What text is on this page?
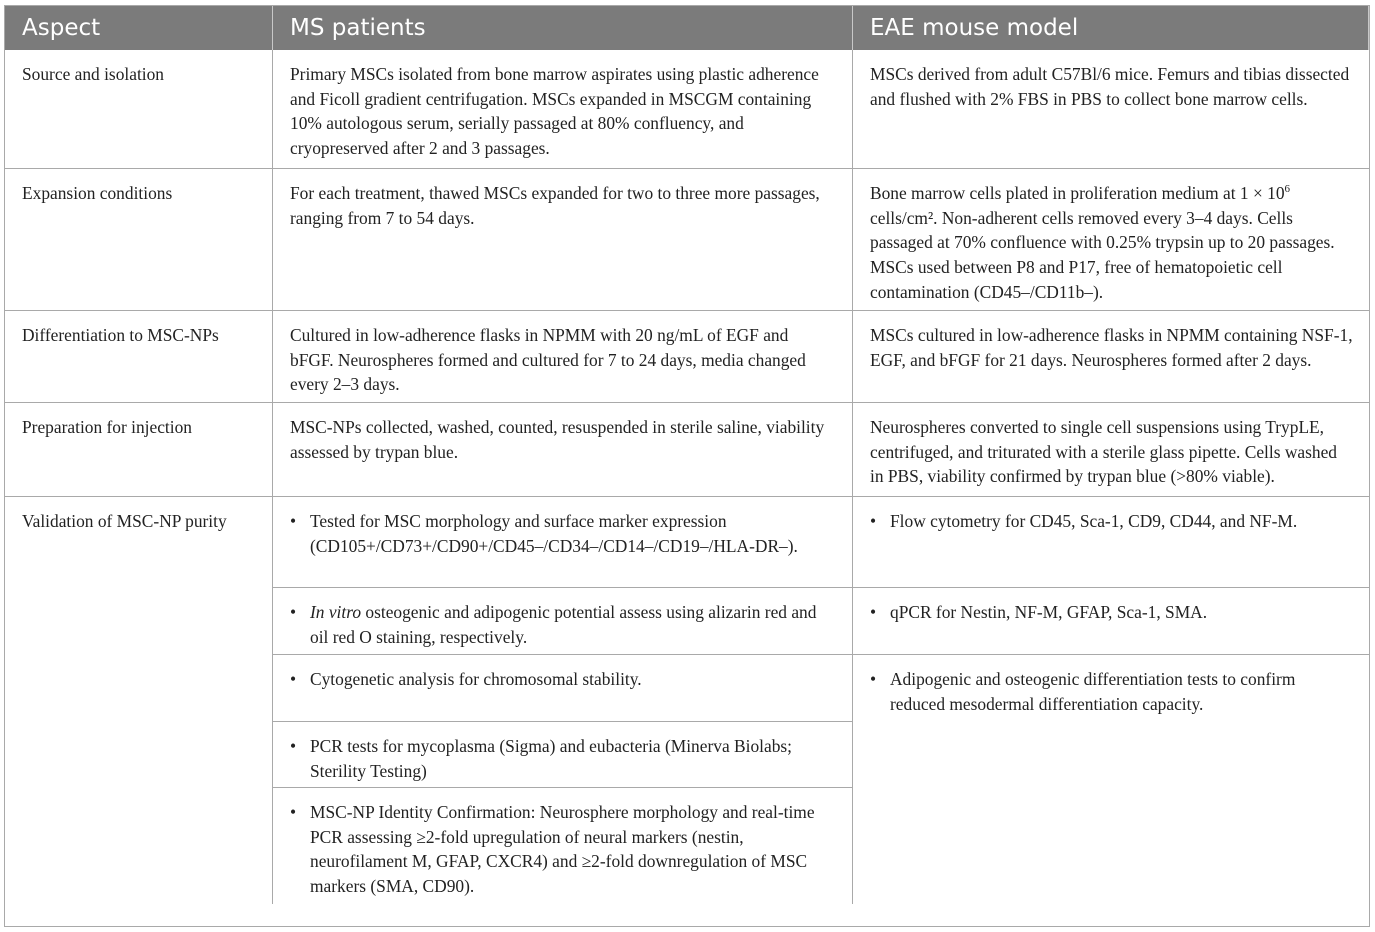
Aspect	MS patients	EAE mouse model
Source and isolation	Primary MSCs isolated from bone marrow aspirates using plastic adherence and Ficoll gradient centrifugation. MSCs expanded in MSCGM containing 10% autologous serum, serially passaged at 80% confluency, and cryopreserved after 2 and 3 passages.
MSCs derived from adult C57Bl/6 mice. Femurs and tibias dissected and flushed with 2% FBS in PBS to collect bone marrow cells.
Expansion conditions	For each treatment, thawed MSCs expanded for two to three more passages, ranging from 7 to 54 days.
Bone marrow cells plated in proliferation medium at $1 \times 10^6$ cells/cm². Non-adherent cells removed every 3–4 days. Cells passaged at 70% confluence with 0.25% trypsin up to 20 passages. MSCs used between P8 and P17, free of hematopoietic cell contamination (CD45–/CD11b–).
Differentiation to MSC-NPs	Cultured in low-adherence flasks in NPMM with 20 ng/mL of EGF and bFGF. Neurospheres formed and cultured for 7 to 24 days, media changed every 2–3 days.
MSCs cultured in low-adherence flasks in NPMM containing NSF-1, EGF, and bFGF for 21 days. Neurospheres formed after 2 days.
Preparation for injection	MSC-NPs collected, washed, counted, resuspended in sterile saline, viability assessed by trypan blue.
Neurospheres converted to single cell suspensions using TrypLE, centrifuged, and triturated with a sterile glass pipette. Cells washed in PBS, viability confirmed by trypan blue (>80% viable).
Validation of MSC-NP purity
•	Tested for MSC morphology and surface marker expression (CD105+/CD73+/CD90+/CD45–/CD34–/CD14–/CD19–/HLA-DR–).
• In vitro osteogenic and adipogenic potential assess using alizarin red and oil red O staining, respectively.
• Cytogenetic analysis for chromosomal stability.
• PCR tests for mycoplasma (Sigma) and eubacteria (Minerva Biolabs; Sterility Testing)
• MSC-NP Identity Confirmation: Neurosphere morphology and real-time PCR assessing ≥2-fold upregulation of neural markers (nestin, neurofilament M, GFAP, CXCR4) and ≥2-fold downregulation of MSC markers (SMA, CD90).
• Flow cytometry for CD45, Sca-1, CD9, CD44, and NF-M.
• qPCR for Nestin, NF-M, GFAP, Sca-1, SMA.
• Adipogenic and osteogenic differentiation tests to confirm reduced mesodermal differentiation capacity.
